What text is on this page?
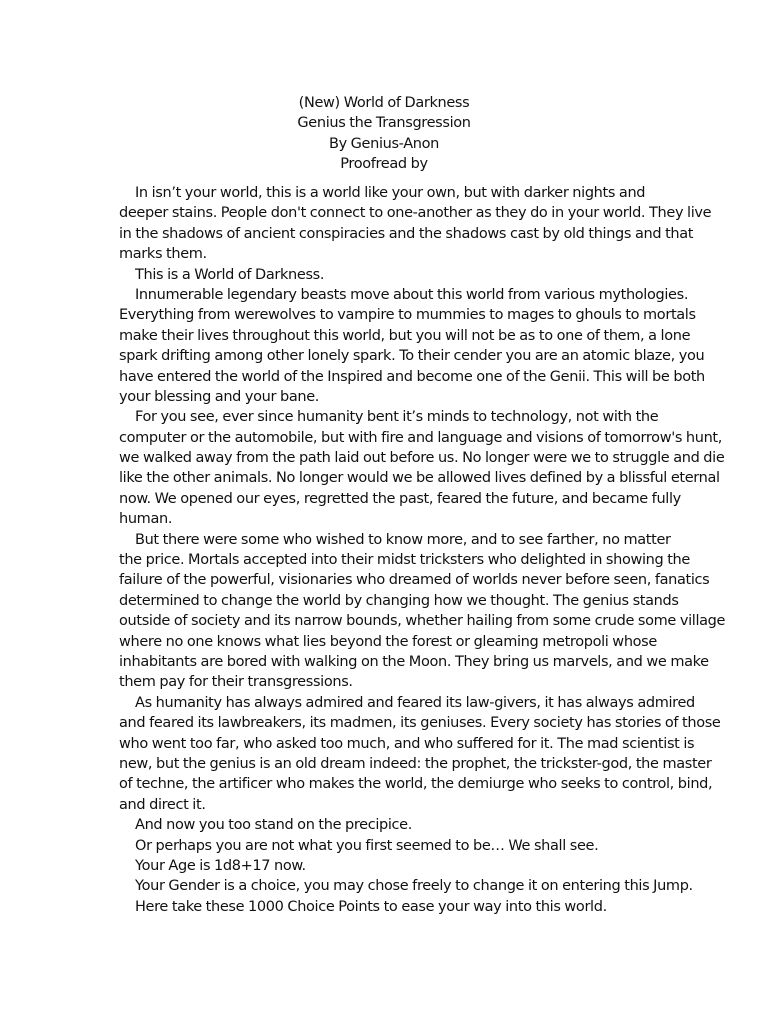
(New) World of Darkness
Genius the Transgression
By Genius-Anon
Proofread by
In isn’t your world, this is a world like your own, but with darker nights and
deeper stains. People don't connect to one-another as they do in your world. They live
in the shadows of ancient conspiracies and the shadows cast by old things and that
marks them.
This is a World of Darkness.
Innumerable legendary beasts move about this world from various mythologies.
Everything from werewolves to vampire to mummies to mages to ghouls to mortals
make their lives throughout this world, but you will not be as to one of them, a lone
spark drifting among other lonely spark. To their cender you are an atomic blaze, you
have entered the world of the Inspired and become one of the Genii. This will be both
your blessing and your bane.
For you see, ever since humanity bent it’s minds to technology, not with the
computer or the automobile, but with fire and language and visions of tomorrow's hunt,
we walked away from the path laid out before us. No longer were we to struggle and die
like the other animals. No longer would we be allowed lives defined by a blissful eternal
now. We opened our eyes, regretted the past, feared the future, and became fully
human.
But there were some who wished to know more, and to see farther, no matter
the price. Mortals accepted into their midst tricksters who delighted in showing the
failure of the powerful, visionaries who dreamed of worlds never before seen, fanatics
determined to change the world by changing how we thought. The genius stands
outside of society and its narrow bounds, whether hailing from some crude some village
where no one knows what lies beyond the forest or gleaming metropoli whose
inhabitants are bored with walking on the Moon. They bring us marvels, and we make
them pay for their transgressions.
As humanity has always admired and feared its law-givers, it has always admired
and feared its lawbreakers, its madmen, its geniuses. Every society has stories of those
who went too far, who asked too much, and who suffered for it. The mad scientist is
new, but the genius is an old dream indeed: the prophet, the trickster-god, the master
of techne, the artificer who makes the world, the demiurge who seeks to control, bind,
and direct it.
And now you too stand on the precipice.
Or perhaps you are not what you first seemed to be… We shall see.
Your Age is 1d8+17 now.
Your Gender is a choice, you may chose freely to change it on entering this Jump.
Here take these 1000 Choice Points to ease your way into this world.
